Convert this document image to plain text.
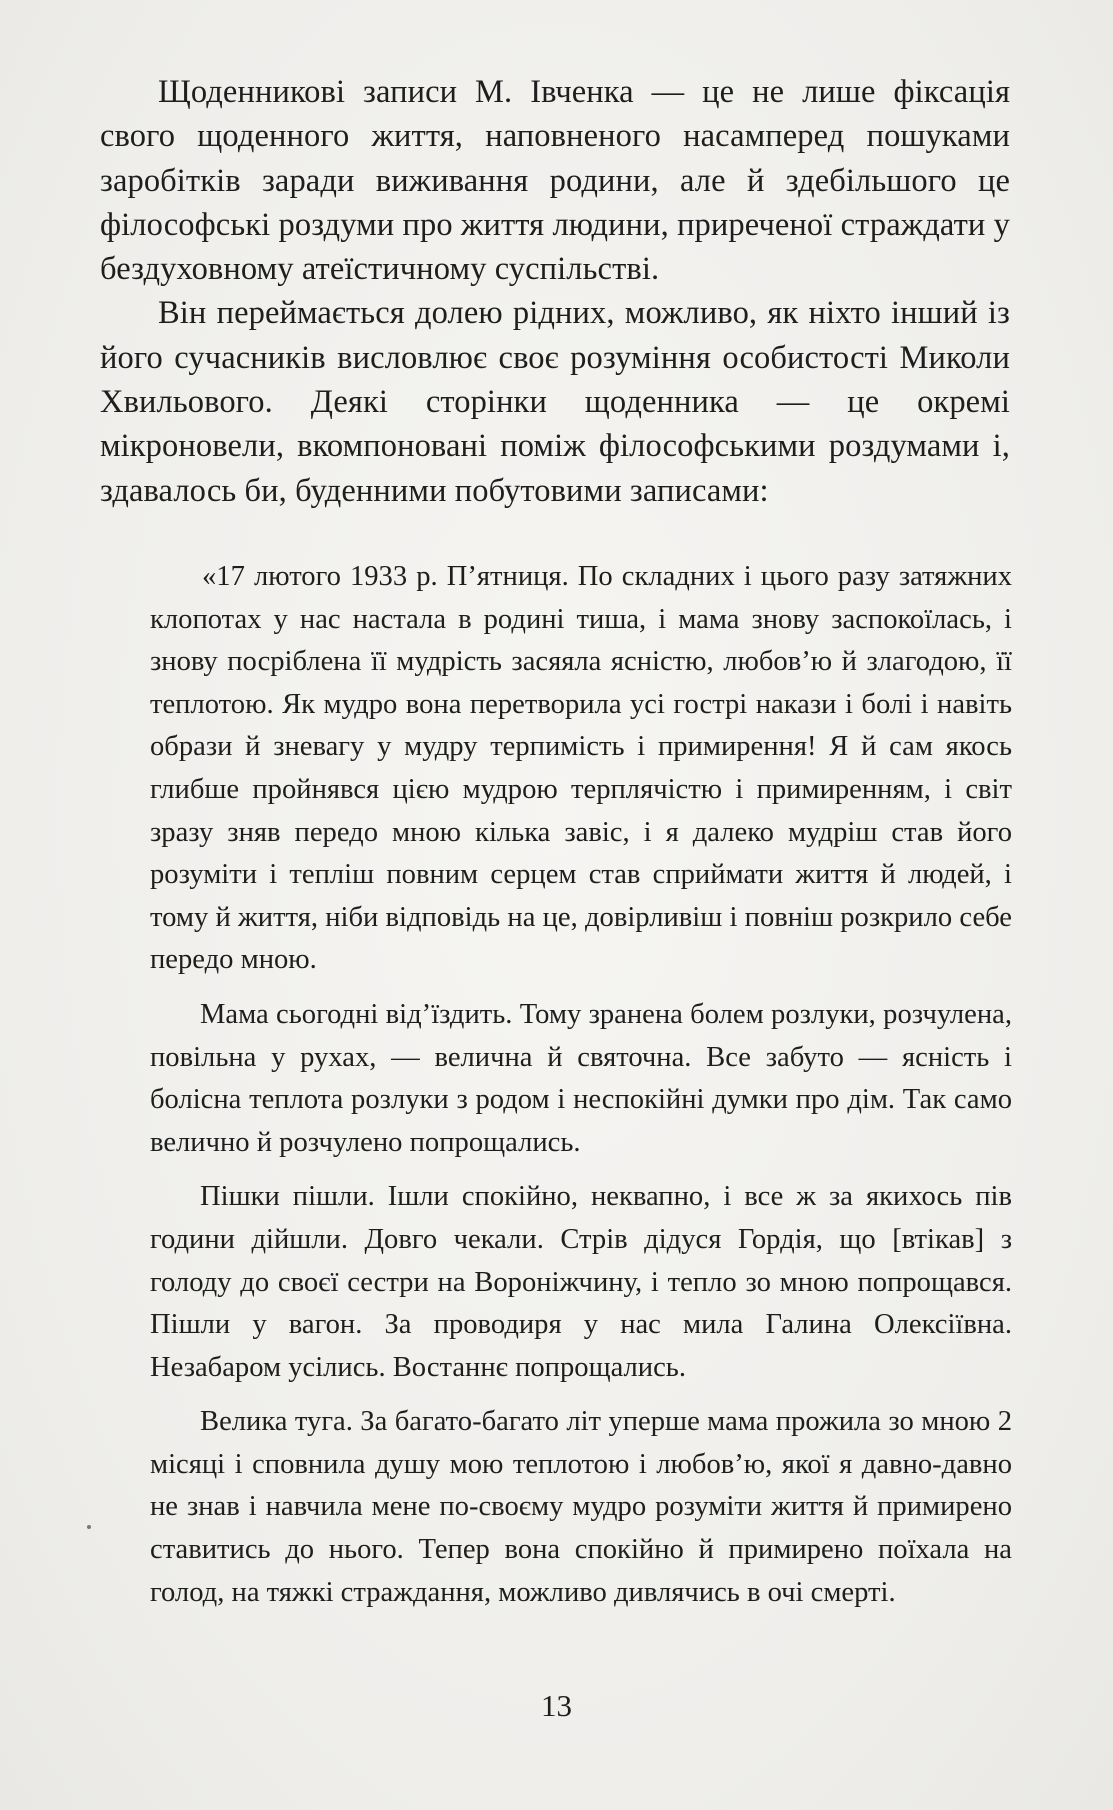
Щоденникові записи М. Івченка — це не лише фіксація свого щоденного життя, наповненого насамперед пошуками заробітків заради виживання родини, але й здебільшого це філософські роздуми про життя людини, приреченої страждати у бездуховному атеїстичному суспільстві.

Він переймається долею рідних, можливо, як ніхто інший із його сучасників висловлює своє розуміння особистості Миколи Хвильового. Деякі сторінки щоденника — це окремі мікроновели, вкомпоновані поміж філософськими роздумами і, здавалось би, буденними побутовими записами:

«17 лютого 1933 р. П’ятниця. По складних і цього разу затяжних клопотах у нас настала в родині тиша, і мама знову заспокоїлась, і знову посріблена її мудрість засяяла ясністю, любов’ю й злагодою, її теплотою. Як мудро вона перетворила усі гострі накази і болі і навіть образи й зневагу у мудру терпимість і примирення! Я й сам якось глибше пройнявся цією мудрою терплячістю і примиренням, і світ зразу зняв передо мною кілька завіс, і я далеко мудріш став його розуміти і тепліш повним серцем став сприймати життя й людей, і тому й життя, ніби відповідь на це, довірливіш і повніш розкрило себе передо мною.

Мама сьогодні від’їздить. Тому зранена болем розлуки, розчулена, повільна у рухах, — велична й святочна. Все забуто — ясність і болісна теплота розлуки з родом і неспокійні думки про дім. Так само велично й розчулено попрощались.

Пішки пішли. Ішли спокійно, неквапно, і все ж за якихось пів години дійшли. Довго чекали. Стрів дідуся Гордія, що [втікав] з голоду до своєї сестри на Вороніжчину, і тепло зо мною попрощався. Пішли у вагон. За проводиря у нас мила Галина Олексіївна. Незабаром усілись. Востаннє попрощались.

Велика туга. За багато-багато літ уперше мама прожила зо мною 2 місяці і сповнила душу мою теплотою і любов’ю, якої я давно-давно не знав і навчила мене по-своєму мудро розуміти життя й примирено ставитись до нього. Тепер вона спокійно й примирено поїхала на голод, на тяжкі страждання, можливо дивлячись в очі смерті.

13
